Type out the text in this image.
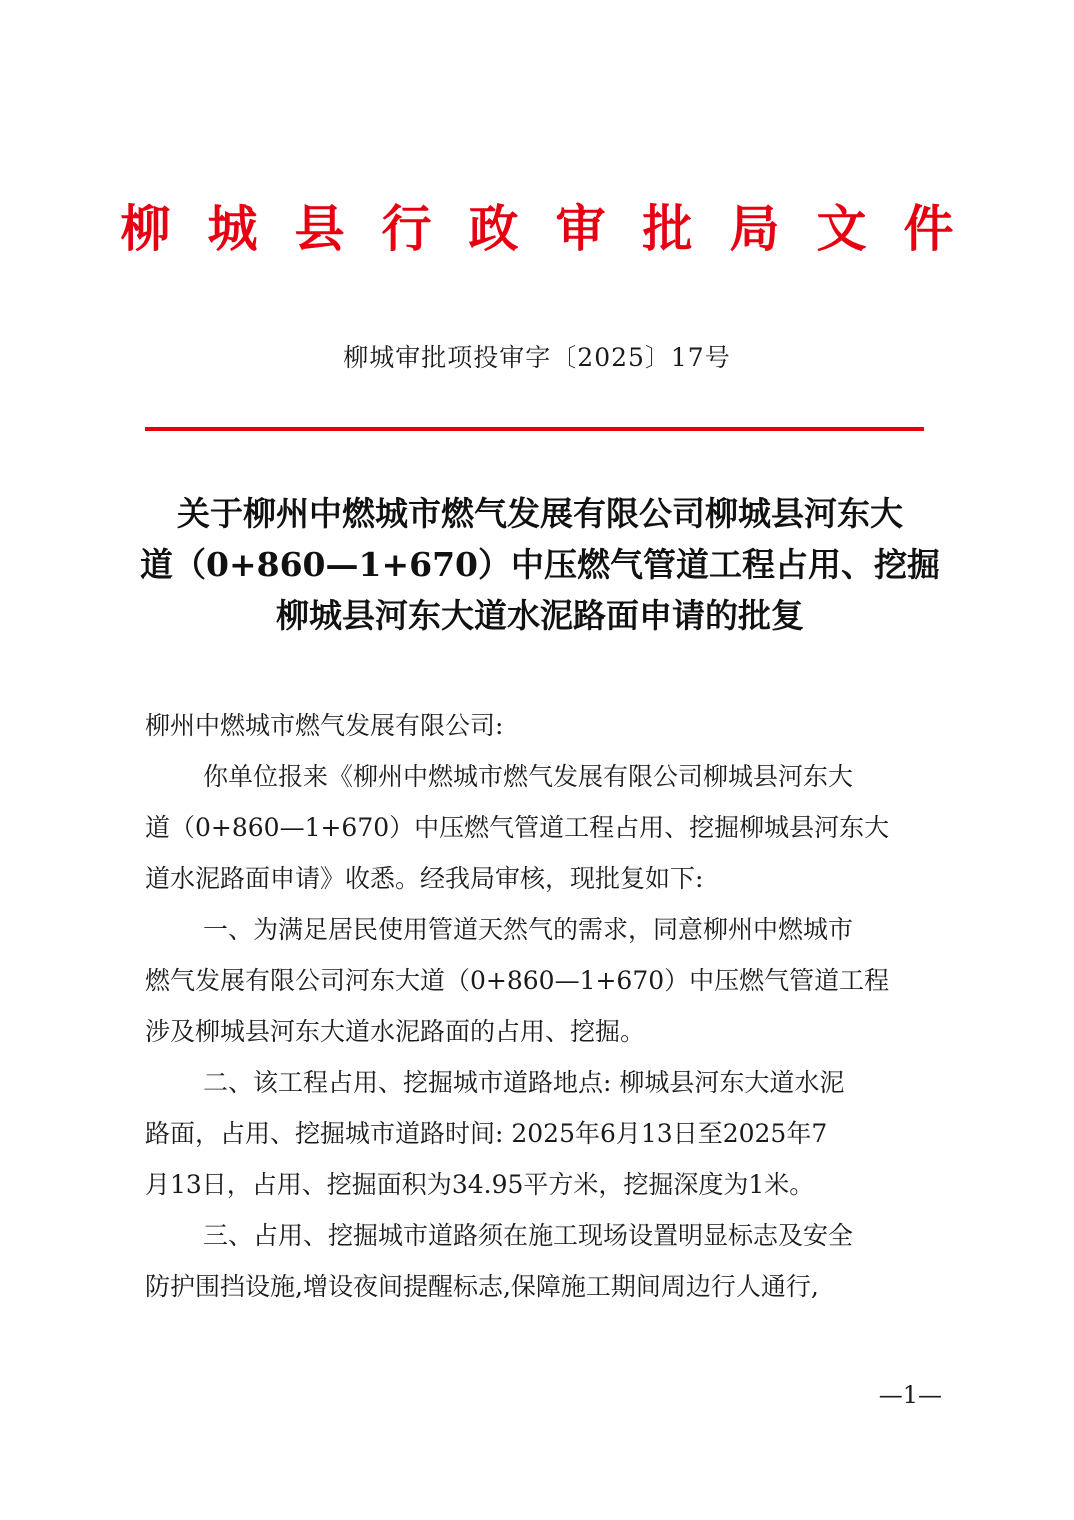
柳 城 县 行 政 审 批 局 文 件
柳城审批项投审字〔2025〕17号
关于柳州中燃城市燃气发展有限公司柳城县河东大
道（0+860—1+670）中压燃气管道工程占用、挖掘
柳城县河东大道水泥路面申请的批复
柳州中燃城市燃气发展有限公司:
你单位报来《柳州中燃城市燃气发展有限公司柳城县河东大
道（0+860—1+670）中压燃气管道工程占用、挖掘柳城县河东大
道水泥路面申请》收悉。经我局审核，现批复如下:
一、为满足居民使用管道天然气的需求，同意柳州中燃城市
燃气发展有限公司河东大道（0+860—1+670）中压燃气管道工程
涉及柳城县河东大道水泥路面的占用、挖掘。
二、该工程占用、挖掘城市道路地点: 柳城县河东大道水泥
路面，占用、挖掘城市道路时间: 2025年6月13日至2025年7
月13日，占用、挖掘面积为34.95平方米，挖掘深度为1米。
三、占用、挖掘城市道路须在施工现场设置明显标志及安全
防护围挡设施,增设夜间提醒标志,保障施工期间周边行人通行,
—1—
